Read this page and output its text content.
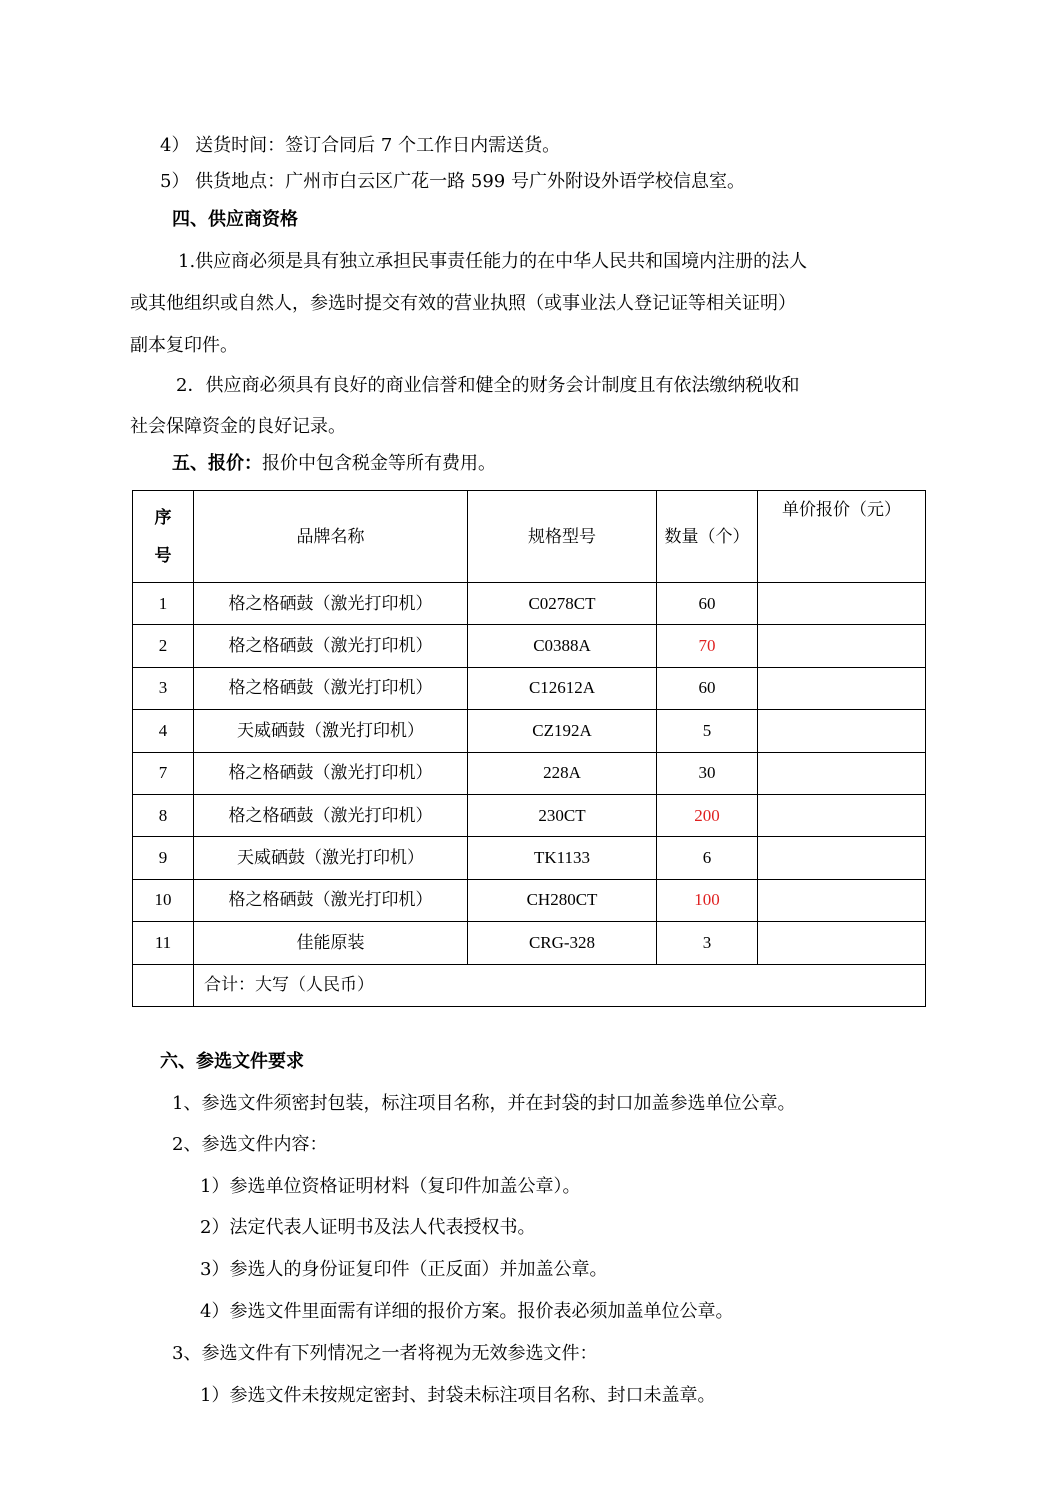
4） 送货时间：签订合同后 7 个工作日内需送货。
5） 供货地点：广州市白云区广花一路 599 号广外附设外语学校信息室。
四、供应商资格
1.供应商必须是具有独立承担民事责任能力的在中华人民共和国境内注册的法人
或其他组织或自然人，参选时提交有效的营业执照（或事业法人登记证等相关证明）
副本复印件。
2．供应商必须具有良好的商业信誉和健全的财务会计制度且有依法缴纳税收和
社会保障资金的良好记录。
五、报价：报价中包含税金等所有费用。
序号	品牌名称	规格型号	数量（个）	单价报价（元）
1	格之格硒鼓（激光打印机）	C0278CT	60	
2	格之格硒鼓（激光打印机）	C0388A	70	
3	格之格硒鼓（激光打印机）	C12612A	60	
4	天威硒鼓（激光打印机）	CZ192A	5	
7	格之格硒鼓（激光打印机）	228A	30	
8	格之格硒鼓（激光打印机）	230CT	200	
9	天威硒鼓（激光打印机）	TK1133	6	
10	格之格硒鼓（激光打印机）	CH280CT	100	
11	佳能原装	CRG-328	3	
	合计：大写（人民币）			
六、参选文件要求
1、参选文件须密封包装，标注项目名称，并在封袋的封口加盖参选单位公章。
2、参选文件内容：
1）参选单位资格证明材料（复印件加盖公章）。
2）法定代表人证明书及法人代表授权书。
3）参选人的身份证复印件（正反面）并加盖公章。
4）参选文件里面需有详细的报价方案。报价表必须加盖单位公章。
3、参选文件有下列情况之一者将视为无效参选文件：
1）参选文件未按规定密封、封袋未标注项目名称、封口未盖章。
